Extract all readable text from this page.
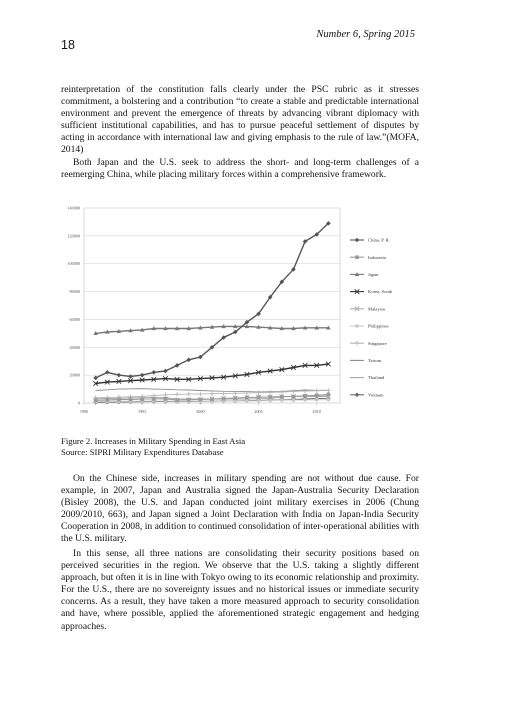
Number 6, Spring 2015
18

reinterpretation of the constitution falls clearly under the PSC rubric as it stresses commitment, a bolstering and a contribution “to create a stable and predictable international environment and prevent the emergence of threats by advancing vibrant diplomacy with sufficient institutional capabilities, and has to pursue peaceful settlement of disputes by acting in accordance with international law and giving emphasis to the rule of law.”(MOFA, 2014)

Both Japan and the U.S. seek to address the short- and long-term challenges of a reemerging China, while placing military forces within a comprehensive framework.

0
20000
40000
60000
80000
100000
120000
140000
1990	1995	2000	2005	2010
China, P. R.
Indonesia
Japan
Korea, South
Malaysia
Philippines
Singapore
Taiwan
Thailand
Vietnam
Figure 2. Increases in Military Spending in East Asia
Source: SIPRI Military Expenditures Database

On the Chinese side, increases in military spending are not without due cause. For example, in 2007, Japan and Australia signed the Japan-Australia Security Declaration (Bisley 2008), the U.S. and Japan conducted joint military exercises in 2006 (Chung 2009/2010, 663), and Japan signed a Joint Declaration with India on Japan-India Security Cooperation in 2008, in addition to continued consolidation of inter-operational abilities with the U.S. military.

In this sense, all three nations are consolidating their security positions based on perceived securities in the region. We observe that the U.S. taking a slightly different approach, but often it is in line with Tokyo owing to its economic relationship and proximity. For the U.S., there are no sovereignty issues and no historical issues or immediate security concerns. As a result, they have taken a more measured approach to security consolidation and have, where possible, applied the aforementioned strategic engagement and hedging approaches.
